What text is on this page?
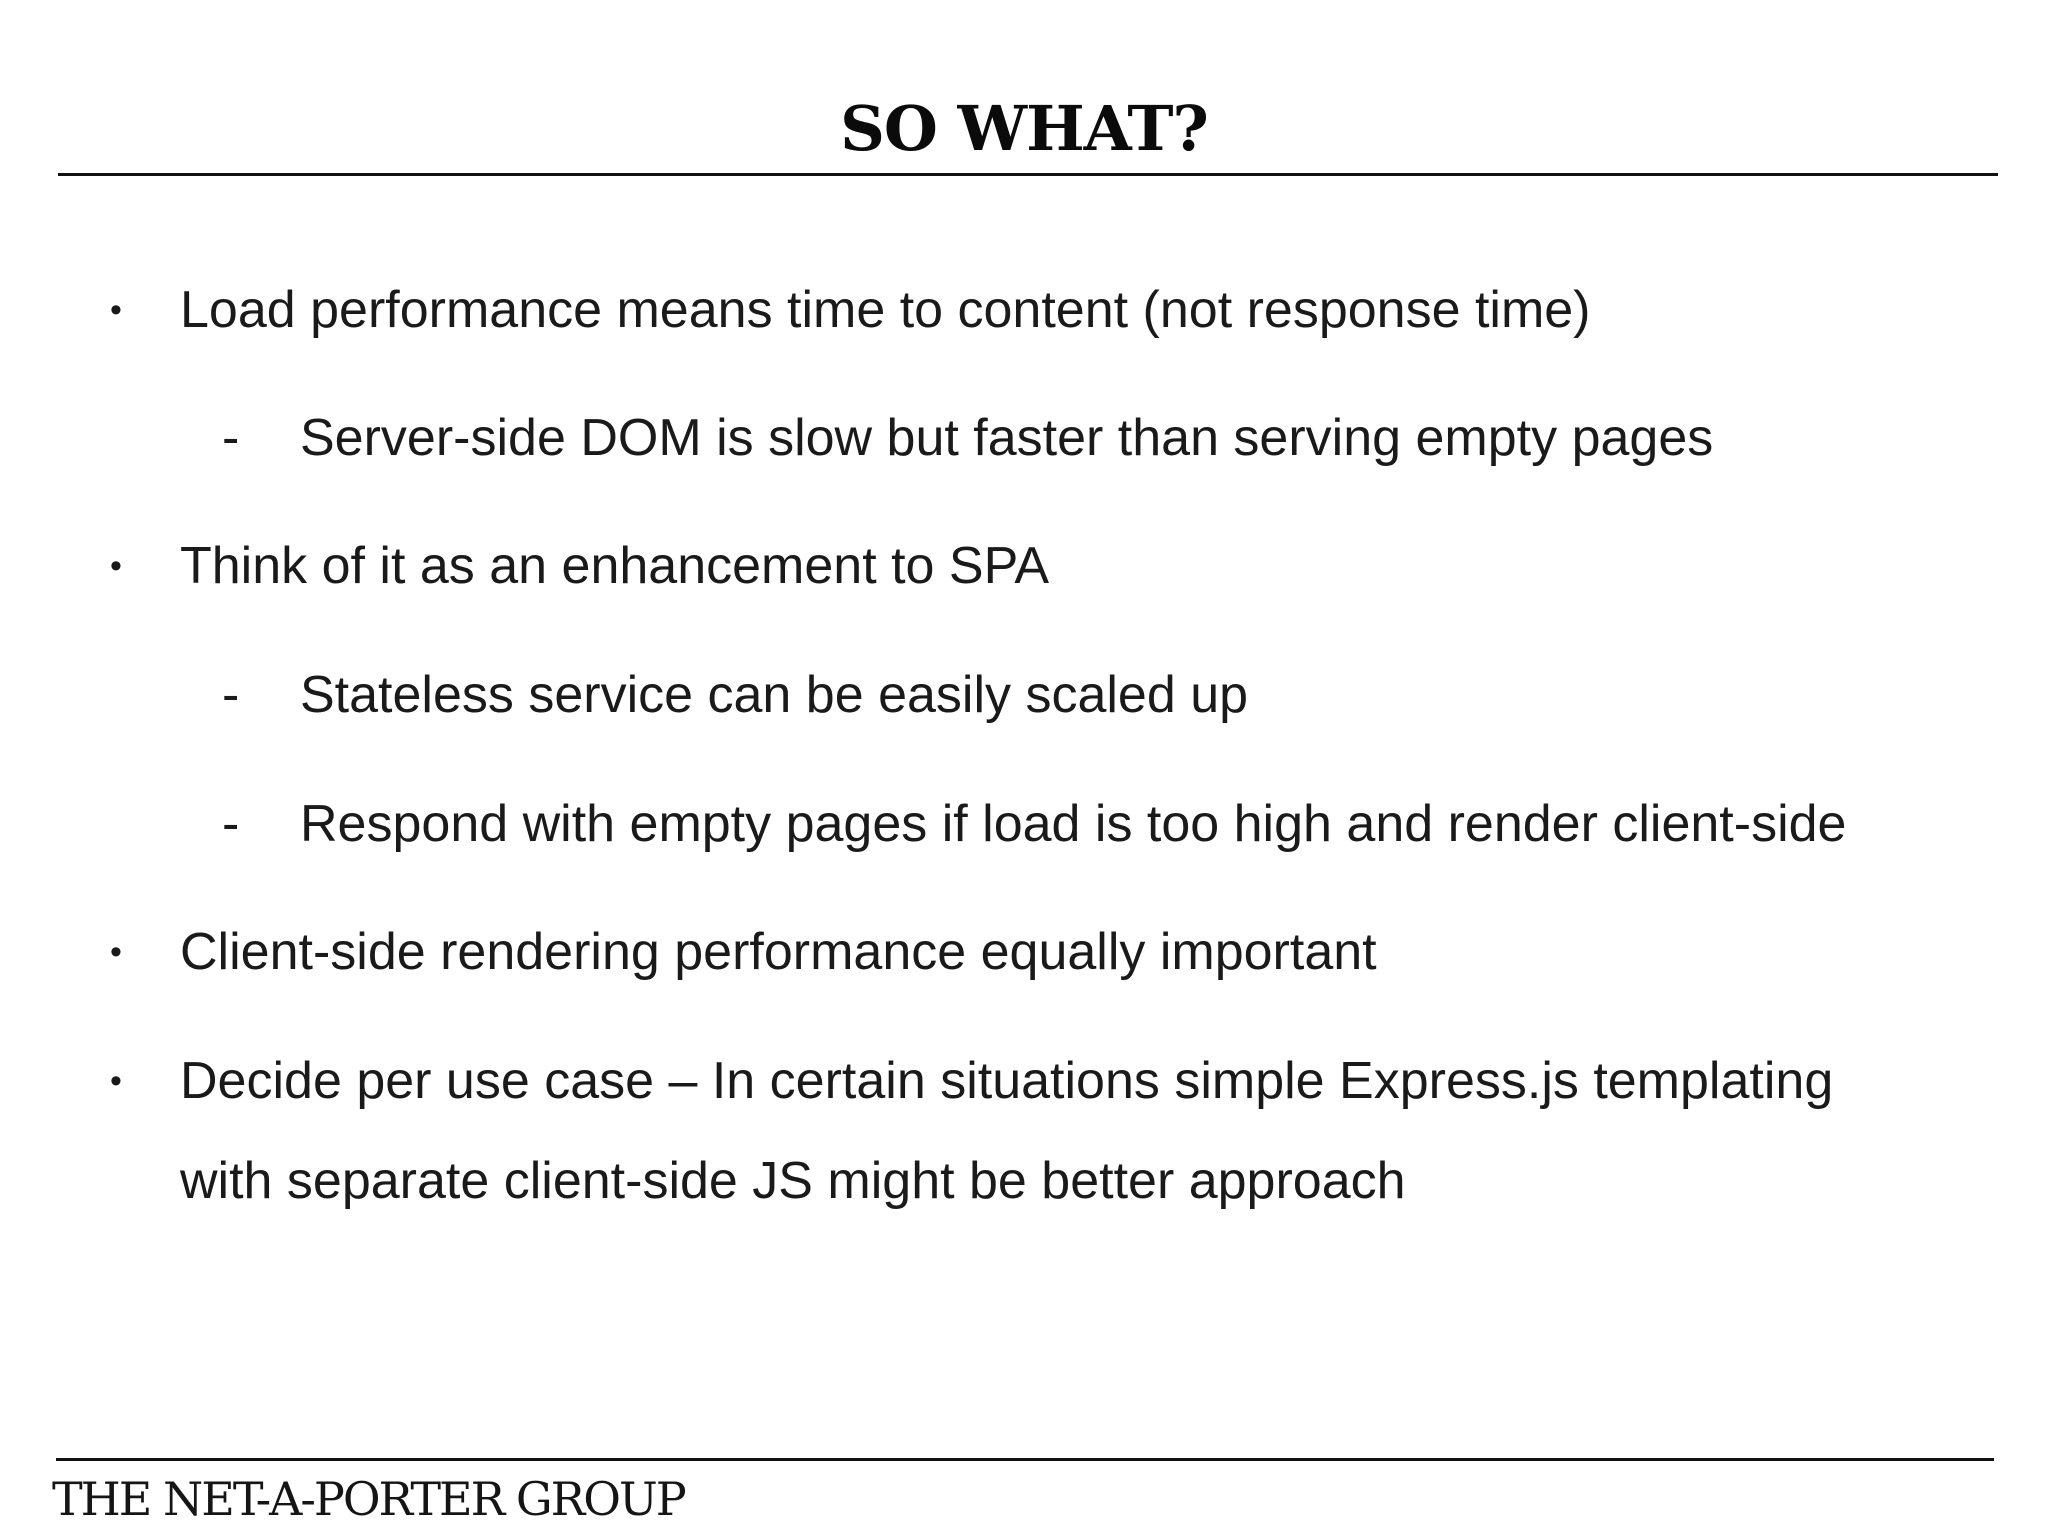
SO WHAT?
• Load performance means time to content (not response time)
- Server-side DOM is slow but faster than serving empty pages
• Think of it as an enhancement to SPA
- Stateless service can be easily scaled up
- Respond with empty pages if load is too high and render client-side
• Client-side rendering performance equally important
• Decide per use case – In certain situations simple Express.js templating with separate client-side JS might be better approach
THE NET-A-PORTER GROUP
